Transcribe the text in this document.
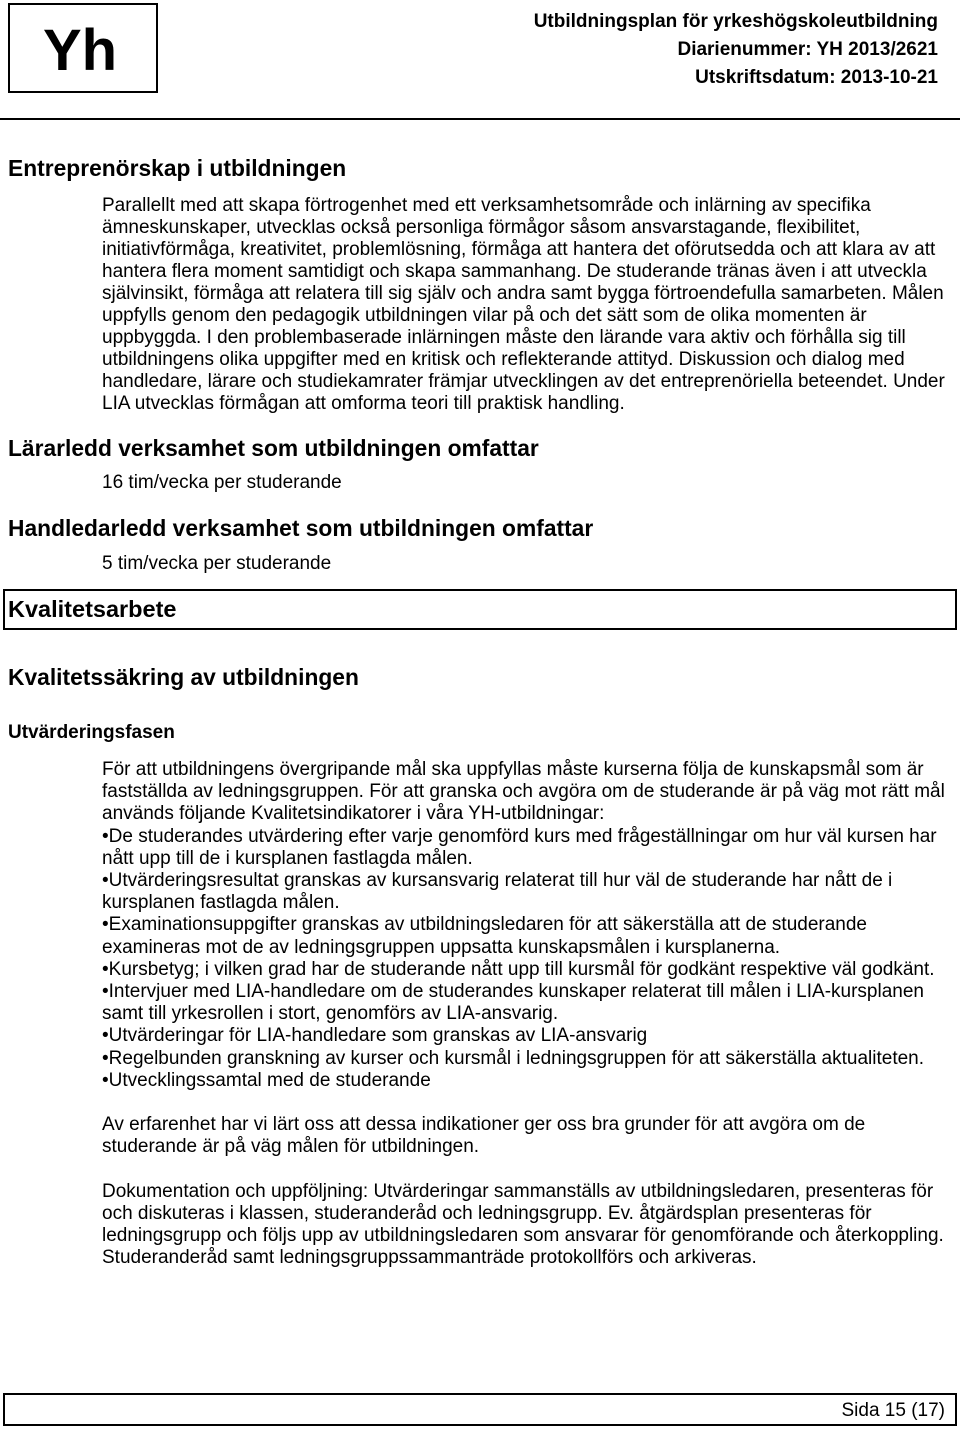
Yh	Utbildningsplan för yrkeshögskoleutbildning
Diarienummer: YH 2013/2621
Utskriftsdatum: 2013-10-21
Entreprenörskap i utbildningen
Parallellt med att skapa förtrogenhet med ett verksamhetsområde och inlärning av specifika
ämneskunskaper, utvecklas också personliga förmågor såsom ansvarstagande, flexibilitet,
initiativförmåga, kreativitet, problemlösning, förmåga att hantera det oförutsedda och att klara av att
hantera flera moment samtidigt och skapa sammanhang. De studerande tränas även i att utveckla
självinsikt, förmåga att relatera till sig själv och andra samt bygga förtroendefulla samarbeten. Målen
uppfylls genom den pedagogik utbildningen vilar på och det sätt som de olika momenten är
uppbyggda. I den problembaserade inlärningen måste den lärande vara aktiv och förhålla sig till
utbildningens olika uppgifter med en kritisk och reflekterande attityd. Diskussion och dialog med
handledare, lärare och studiekamrater främjar utvecklingen av det entreprenöriella beteendet. Under
LIA utvecklas förmågan att omforma teori till praktisk handling.
Lärarledd verksamhet som utbildningen omfattar
16 tim/vecka per studerande
Handledarledd verksamhet som utbildningen omfattar
5 tim/vecka per studerande
Kvalitetsarbete
Kvalitetssäkring av utbildningen
Utvärderingsfasen
För att utbildningens övergripande mål ska uppfyllas måste kurserna följa de kunskapsmål som är
fastställda av ledningsgruppen. För att granska och avgöra om de studerande är på väg mot rätt mål
används följande Kvalitetsindikatorer i våra YH-utbildningar:
•De studerandes utvärdering efter varje genomförd kurs med frågeställningar om hur väl kursen har
nått upp till de i kursplanen fastlagda målen.
•Utvärderingsresultat granskas av kursansvarig relaterat till hur väl de studerande har nått de i
kursplanen fastlagda målen.
•Examinationsuppgifter granskas av utbildningsledaren för att säkerställa att de studerande
examineras mot de av ledningsgruppen uppsatta kunskapsmålen i kursplanerna.
•Kursbetyg; i vilken grad har de studerande nått upp till kursmål för godkänt respektive väl godkänt.
•Intervjuer med LIA-handledare om de studerandes kunskaper relaterat till målen i LIA-kursplanen
samt till yrkesrollen i stort, genomförs av LIA-ansvarig.
•Utvärderingar för LIA-handledare som granskas av LIA-ansvarig
•Regelbunden granskning av kurser och kursmål i ledningsgruppen för att säkerställa aktualiteten.
•Utvecklingssamtal med de studerande
Av erfarenhet har vi lärt oss att dessa indikationer ger oss bra grunder för att avgöra om de
studerande är på väg målen för utbildningen.
Dokumentation och uppföljning: Utvärderingar sammanställs av utbildningsledaren, presenteras för
och diskuteras i klassen, studeranderåd och ledningsgrupp. Ev. åtgärdsplan presenteras för
ledningsgrupp och följs upp av utbildningsledaren som ansvarar för genomförande och återkoppling.
Studeranderåd samt ledningsgruppssammanträde protokollförs och arkiveras.
Sida 15 (17)
